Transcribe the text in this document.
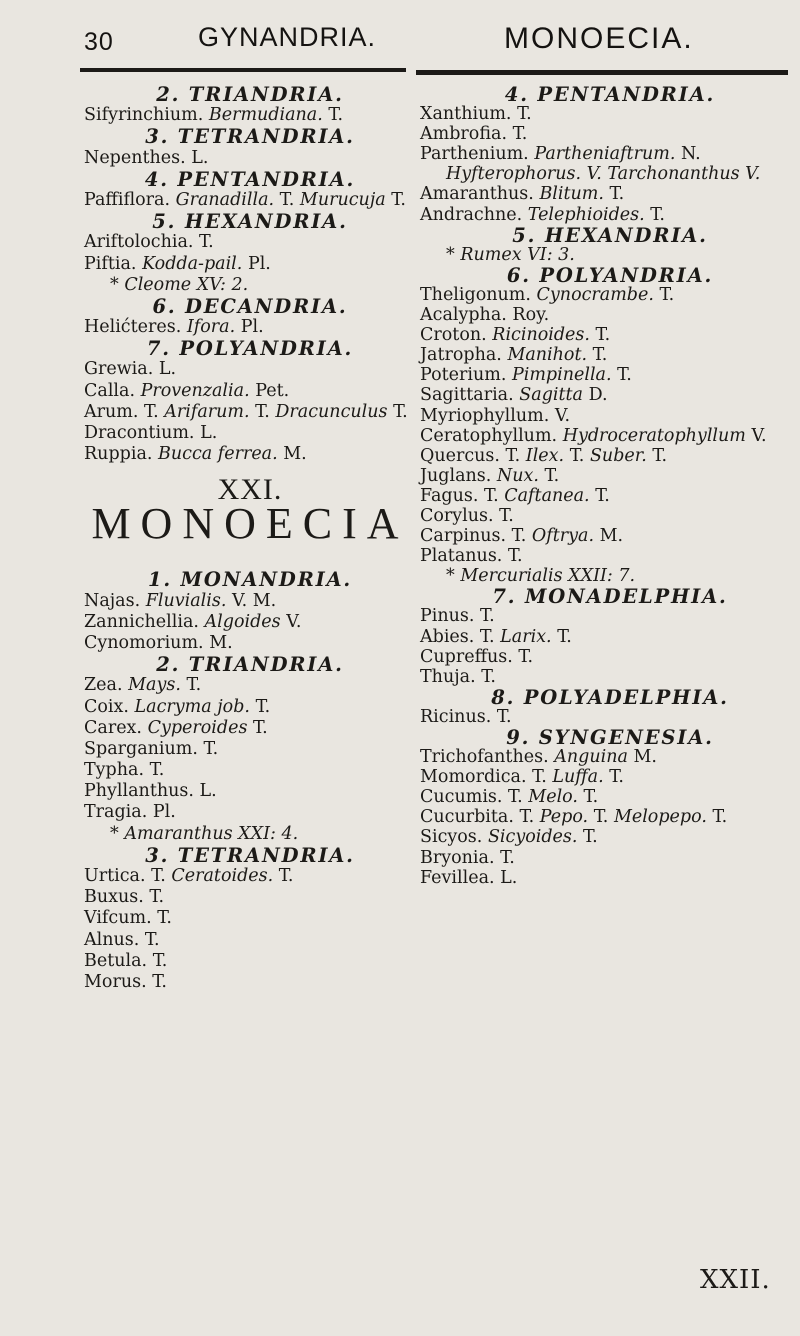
30	GYNANDRIA.	MONOECIA.
2. TRIANDRIA.
Sifyrinchium. Bermudiana. T.
3. TETRANDRIA.
Nepenthes. L.
4. PENTANDRIA.
Paffiflora. Granadilla. T. Murucuja T.
5. HEXANDRIA.
Ariftolochia. T.
Piftia. Kodda-pail. Pl.
* Cleome XV: 2.
6. DECANDRIA.
Helićteres. Ifora. Pl.
7. POLYANDRIA.
Grewia. L.
Calla. Provenzalia. Pet.
Arum. T. Arifarum. T. Dracunculus T.
Dracontium. L.
Ruppia. Bucca ferrea. M.
XXI.
MONOECIA
1. MONANDRIA.
Najas. Fluvialis. V. M.
Zannichellia. Algoides V.
Cynomorium. M.
2. TRIANDRIA.
Zea. Mays. T.
Coix. Lacryma job. T.
Carex. Cyperoides T.
Sparganium. T.
Typha. T.
Phyllanthus. L.
Tragia. Pl.
* Amaranthus XXI: 4.
3. TETRANDRIA.
Urtica. T. Ceratoides. T.
Buxus. T.
Vifcum. T.
Alnus. T.
Betula. T.
Morus. T.
4. PENTANDRIA.
Xanthium. T.
Ambrofia. T.
Parthenium. Partheniaftrum. N.
Hyfterophorus. V. Tarchonanthus V.
Amaranthus. Blitum. T.
Andrachne. Telephioides. T.
5. HEXANDRIA.
* Rumex VI: 3.
6. POLYANDRIA.
Theligonum. Cynocrambe. T.
Acalypha. Roy.
Croton. Ricinoides. T.
Jatropha. Manihot. T.
Poterium. Pimpinella. T.
Sagittaria. Sagitta D.
Myriophyllum. V.
Ceratophyllum. Hydroceratophyllum V.
Quercus. T. Ilex. T. Suber. T.
Juglans. Nux. T.
Fagus. T. Caftanea. T.
Corylus. T.
Carpinus. T. Oftrya. M.
Platanus. T.
* Mercurialis XXII: 7.
7. MONADELPHIA.
Pinus. T.
Abies. T. Larix. T.
Cupreffus. T.
Thuja. T.
8. POLYADELPHIA.
Ricinus. T.
9. SYNGENESIA.
Trichofanthes. Anguina M.
Momordica. T. Luffa. T.
Cucumis. T. Melo. T.
Cucurbita. T. Pepo. T. Melopepo. T.
Sicyos. Sicyoides. T.
Bryonia. T.
Fevillea. L.
XXII.
